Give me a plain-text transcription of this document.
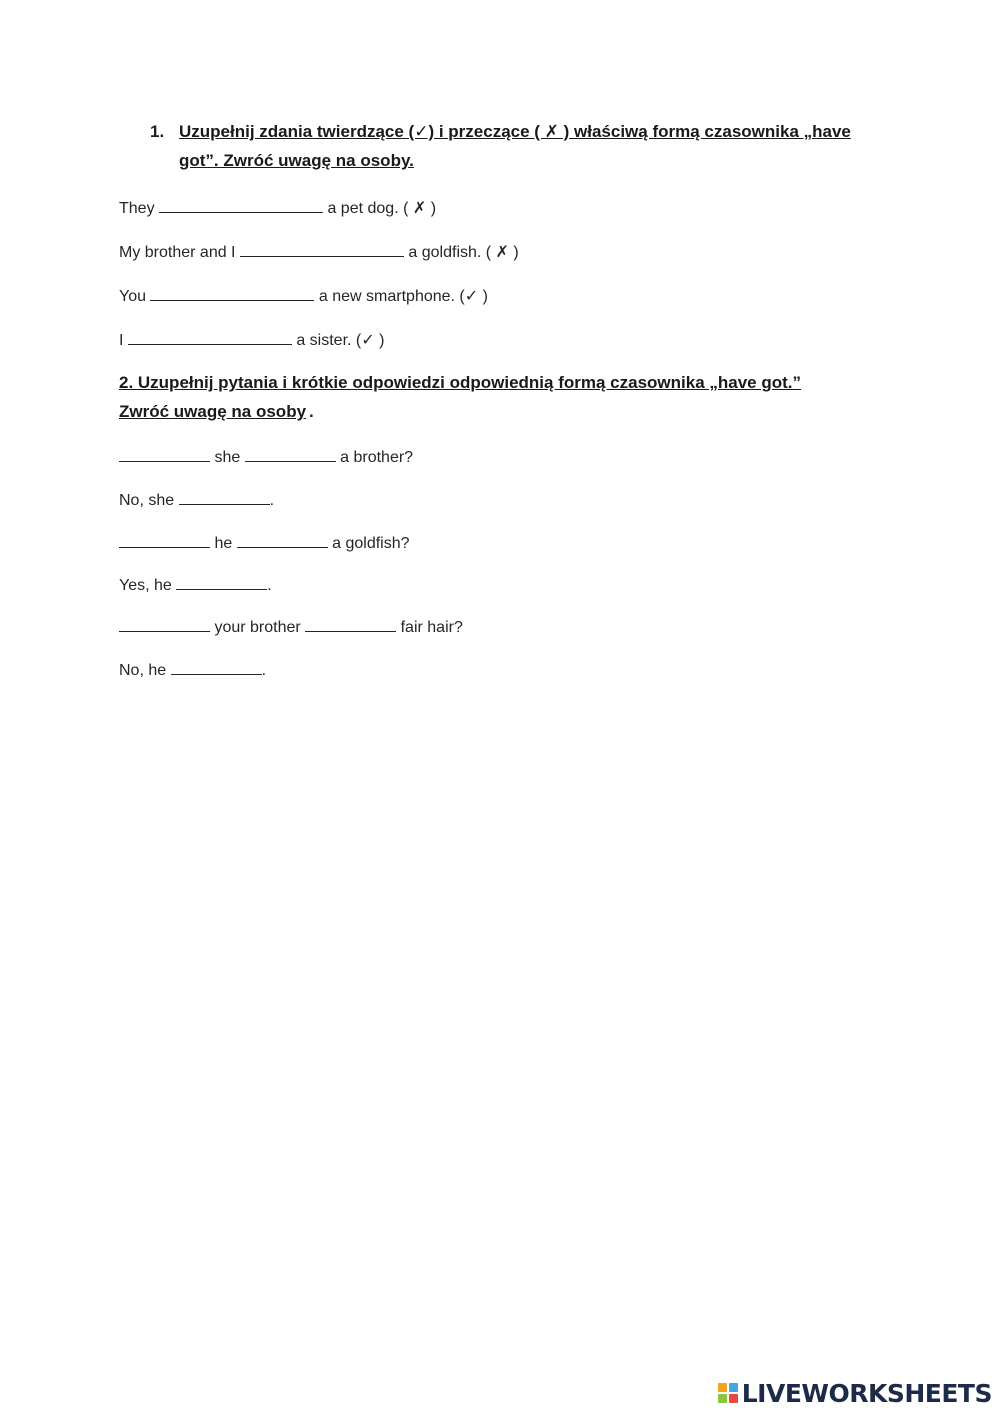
1. Uzupełnij zdania twierdzące (✓) i przeczące ( ✗ ) właściwą formą czasownika „have
got”. Zwróć uwagę na osoby.
They	a pet dog. ( ✗ )
My brother and I	a goldfish. ( ✗ )
You	a new smartphone. (✓ )
I	a sister. (✓ )
2. Uzupełnij pytania i krótkie odpowiedzi odpowiednią formą czasownika „have got.”
Zwróć uwagę na osoby .
she	a brother?
No, she	.
he	a goldfish?
Yes, he	.
your brother	fair hair?
No, he	.
LIVEWORKSHEETS
